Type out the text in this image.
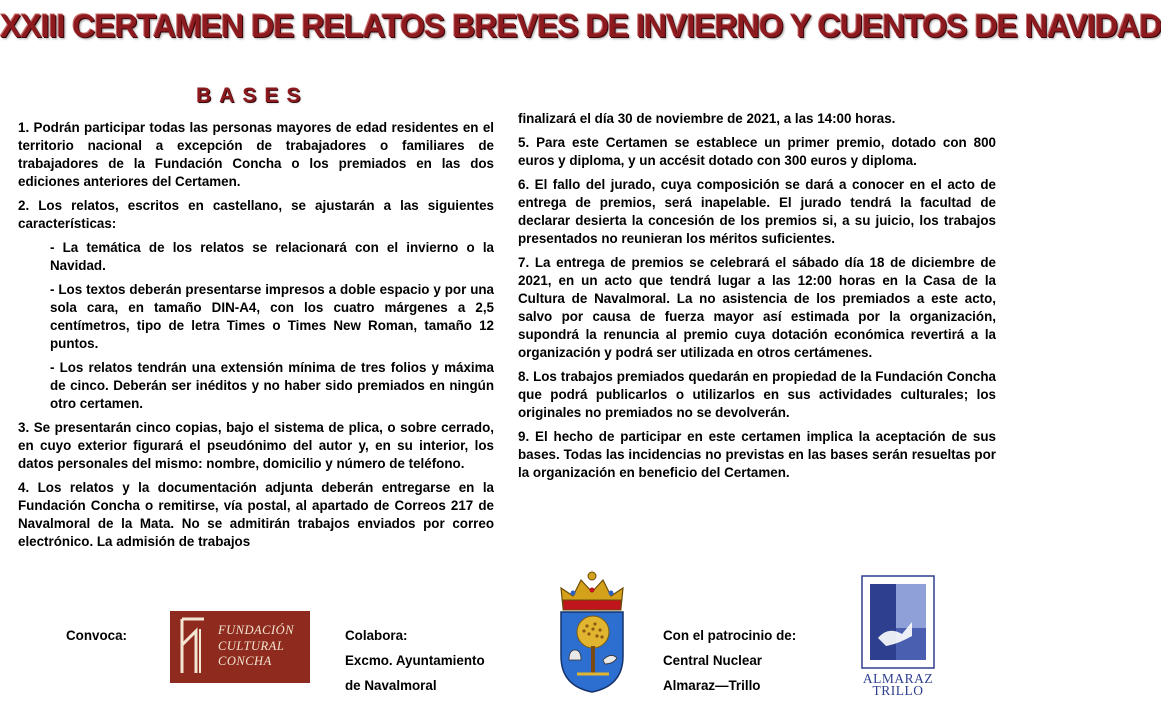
XXIII CERTAMEN DE RELATOS BREVES DE INVIERNO Y CUENTOS DE NAVIDAD
BASES

1. Podrán participar todas las personas mayores de edad residentes en el territorio nacional a excepción de trabajadores o familiares de trabajadores de la Fundación Concha o los premiados en las dos ediciones anteriores del Certamen.

2. Los relatos, escritos en castellano, se ajustarán a las siguientes características:

- La temática de los relatos se relacionará con el invierno o la Navidad.

- Los textos deberán presentarse impresos a doble espacio y por una sola cara, en tamaño DIN-A4, con los cuatro márgenes a 2,5 centímetros, tipo de letra Times o Times New Roman, tamaño 12 puntos.

- Los relatos tendrán una extensión mínima de tres folios y máxima de cinco. Deberán ser inéditos y no haber sido premiados en ningún otro certamen.

3. Se presentarán cinco copias, bajo el sistema de plica, o sobre cerrado, en cuyo exterior figurará el pseudónimo del autor y, en su interior, los datos personales del mismo: nombre, domicilio y número de teléfono.

4. Los relatos y la documentación adjunta deberán entregarse en la Fundación Concha o remitirse, vía postal, al apartado de Correos 217 de Navalmoral de la Mata. No se admitirán trabajos enviados por correo electrónico. La admisión de trabajos

finalizará el día 30 de noviembre de 2021, a las 14:00 horas.

5. Para este Certamen se establece un primer premio, dotado con 800 euros y diploma, y un accésit dotado con 300 euros y diploma.

6. El fallo del jurado, cuya composición se dará a conocer en el acto de entrega de premios, será inapelable. El jurado tendrá la facultad de declarar desierta la concesión de los premios si, a su juicio, los trabajos presentados no reunieran los méritos suficientes.

7. La entrega de premios se celebrará el sábado día 18 de diciembre de 2021, en un acto que tendrá lugar a las 12:00 horas en la Casa de la Cultura de Navalmoral. La no asistencia de los premiados a este acto, salvo por causa de fuerza mayor así estimada por la organización, supondrá la renuncia al premio cuya dotación económica revertirá a la organización y podrá ser utilizada en otros certámenes.

8. Los trabajos premiados quedarán en propiedad de la Fundación Concha que podrá publicarlos o utilizarlos en sus actividades culturales; los originales no premiados no se devolverán.

9. El hecho de participar en este certamen implica la aceptación de sus bases. Todas las incidencias no previstas en las bases serán resueltas por la organización en beneficio del Certamen.

Convoca:	FUNDACIÓN
CULTURAL
CONCHA
Colabora:
Excmo. Ayuntamiento
de Navalmoral
Con el patrocinio de:
Central Nuclear
Almaraz—Trillo	ALMARAZ
TRILLO
